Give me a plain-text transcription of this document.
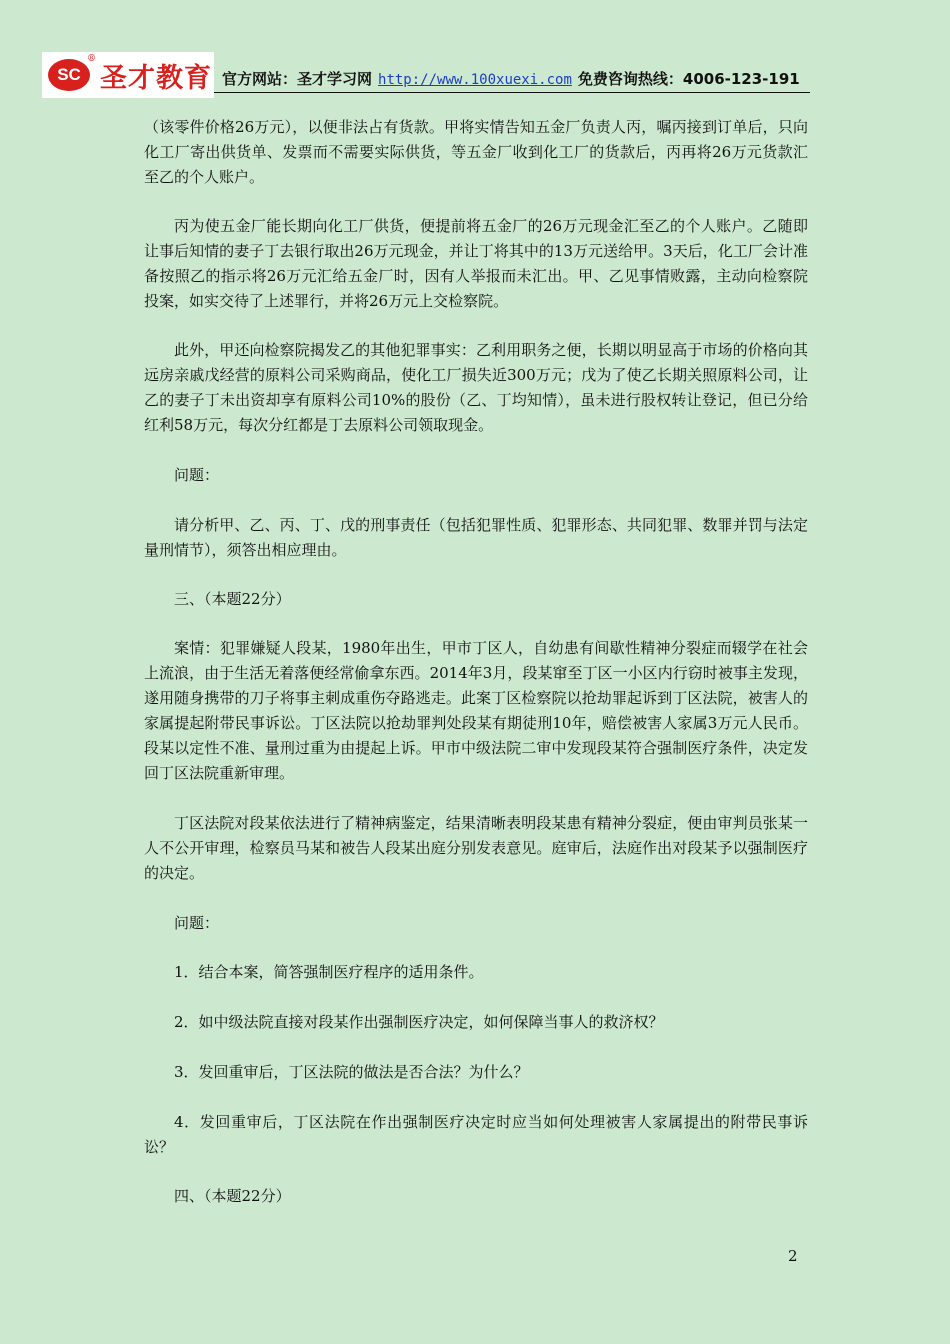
SC
®
圣才教育 官方网站：圣才学习网 http://www.100xuexi.com 免费咨询热线：4006-123-191

（该零件价格26万元），以便非法占有货款。甲将实情告知五金厂负责人丙，嘱丙接到订单后，只向化工厂寄出供货单、发票而不需要实际供货，等五金厂收到化工厂的货款后，丙再将26万元货款汇至乙的个人账户。

丙为使五金厂能长期向化工厂供货，便提前将五金厂的26万元现金汇至乙的个人账户。乙随即让事后知情的妻子丁去银行取出26万元现金，并让丁将其中的13万元送给甲。3天后，化工厂会计准备按照乙的指示将26万元汇给五金厂时，因有人举报而未汇出。甲、乙见事情败露，主动向检察院投案，如实交待了上述罪行，并将26万元上交检察院。

此外，甲还向检察院揭发乙的其他犯罪事实：乙利用职务之便，长期以明显高于市场的价格向其远房亲戚戊经营的原料公司采购商品，使化工厂损失近300万元；戊为了使乙长期关照原料公司，让乙的妻子丁未出资却享有原料公司10%的股份（乙、丁均知情），虽未进行股权转让登记，但已分给红利58万元，每次分红都是丁去原料公司领取现金。

问题：

请分析甲、乙、丙、丁、戊的刑事责任（包括犯罪性质、犯罪形态、共同犯罪、数罪并罚与法定量刑情节），须答出相应理由。

三、（本题22分）

案情：犯罪嫌疑人段某，1980年出生，甲市丁区人，自幼患有间歇性精神分裂症而辍学在社会上流浪，由于生活无着落便经常偷拿东西。2014年3月，段某窜至丁区一小区内行窃时被事主发现，遂用随身携带的刀子将事主刺成重伤夺路逃走。此案丁区检察院以抢劫罪起诉到丁区法院，被害人的家属提起附带民事诉讼。丁区法院以抢劫罪判处段某有期徒刑10年，赔偿被害人家属3万元人民币。段某以定性不准、量刑过重为由提起上诉。甲市中级法院二审中发现段某符合强制医疗条件，决定发回丁区法院重新审理。

丁区法院对段某依法进行了精神病鉴定，结果清晰表明段某患有精神分裂症，便由审判员张某一人不公开审理，检察员马某和被告人段某出庭分别发表意见。庭审后，法庭作出对段某予以强制医疗的决定。

问题：

1．结合本案，简答强制医疗程序的适用条件。

2．如中级法院直接对段某作出强制医疗决定，如何保障当事人的救济权？

3．发回重审后，丁区法院的做法是否合法？为什么？

4．发回重审后，丁区法院在作出强制医疗决定时应当如何处理被害人家属提出的附带民事诉讼？

四、（本题22分）

2
